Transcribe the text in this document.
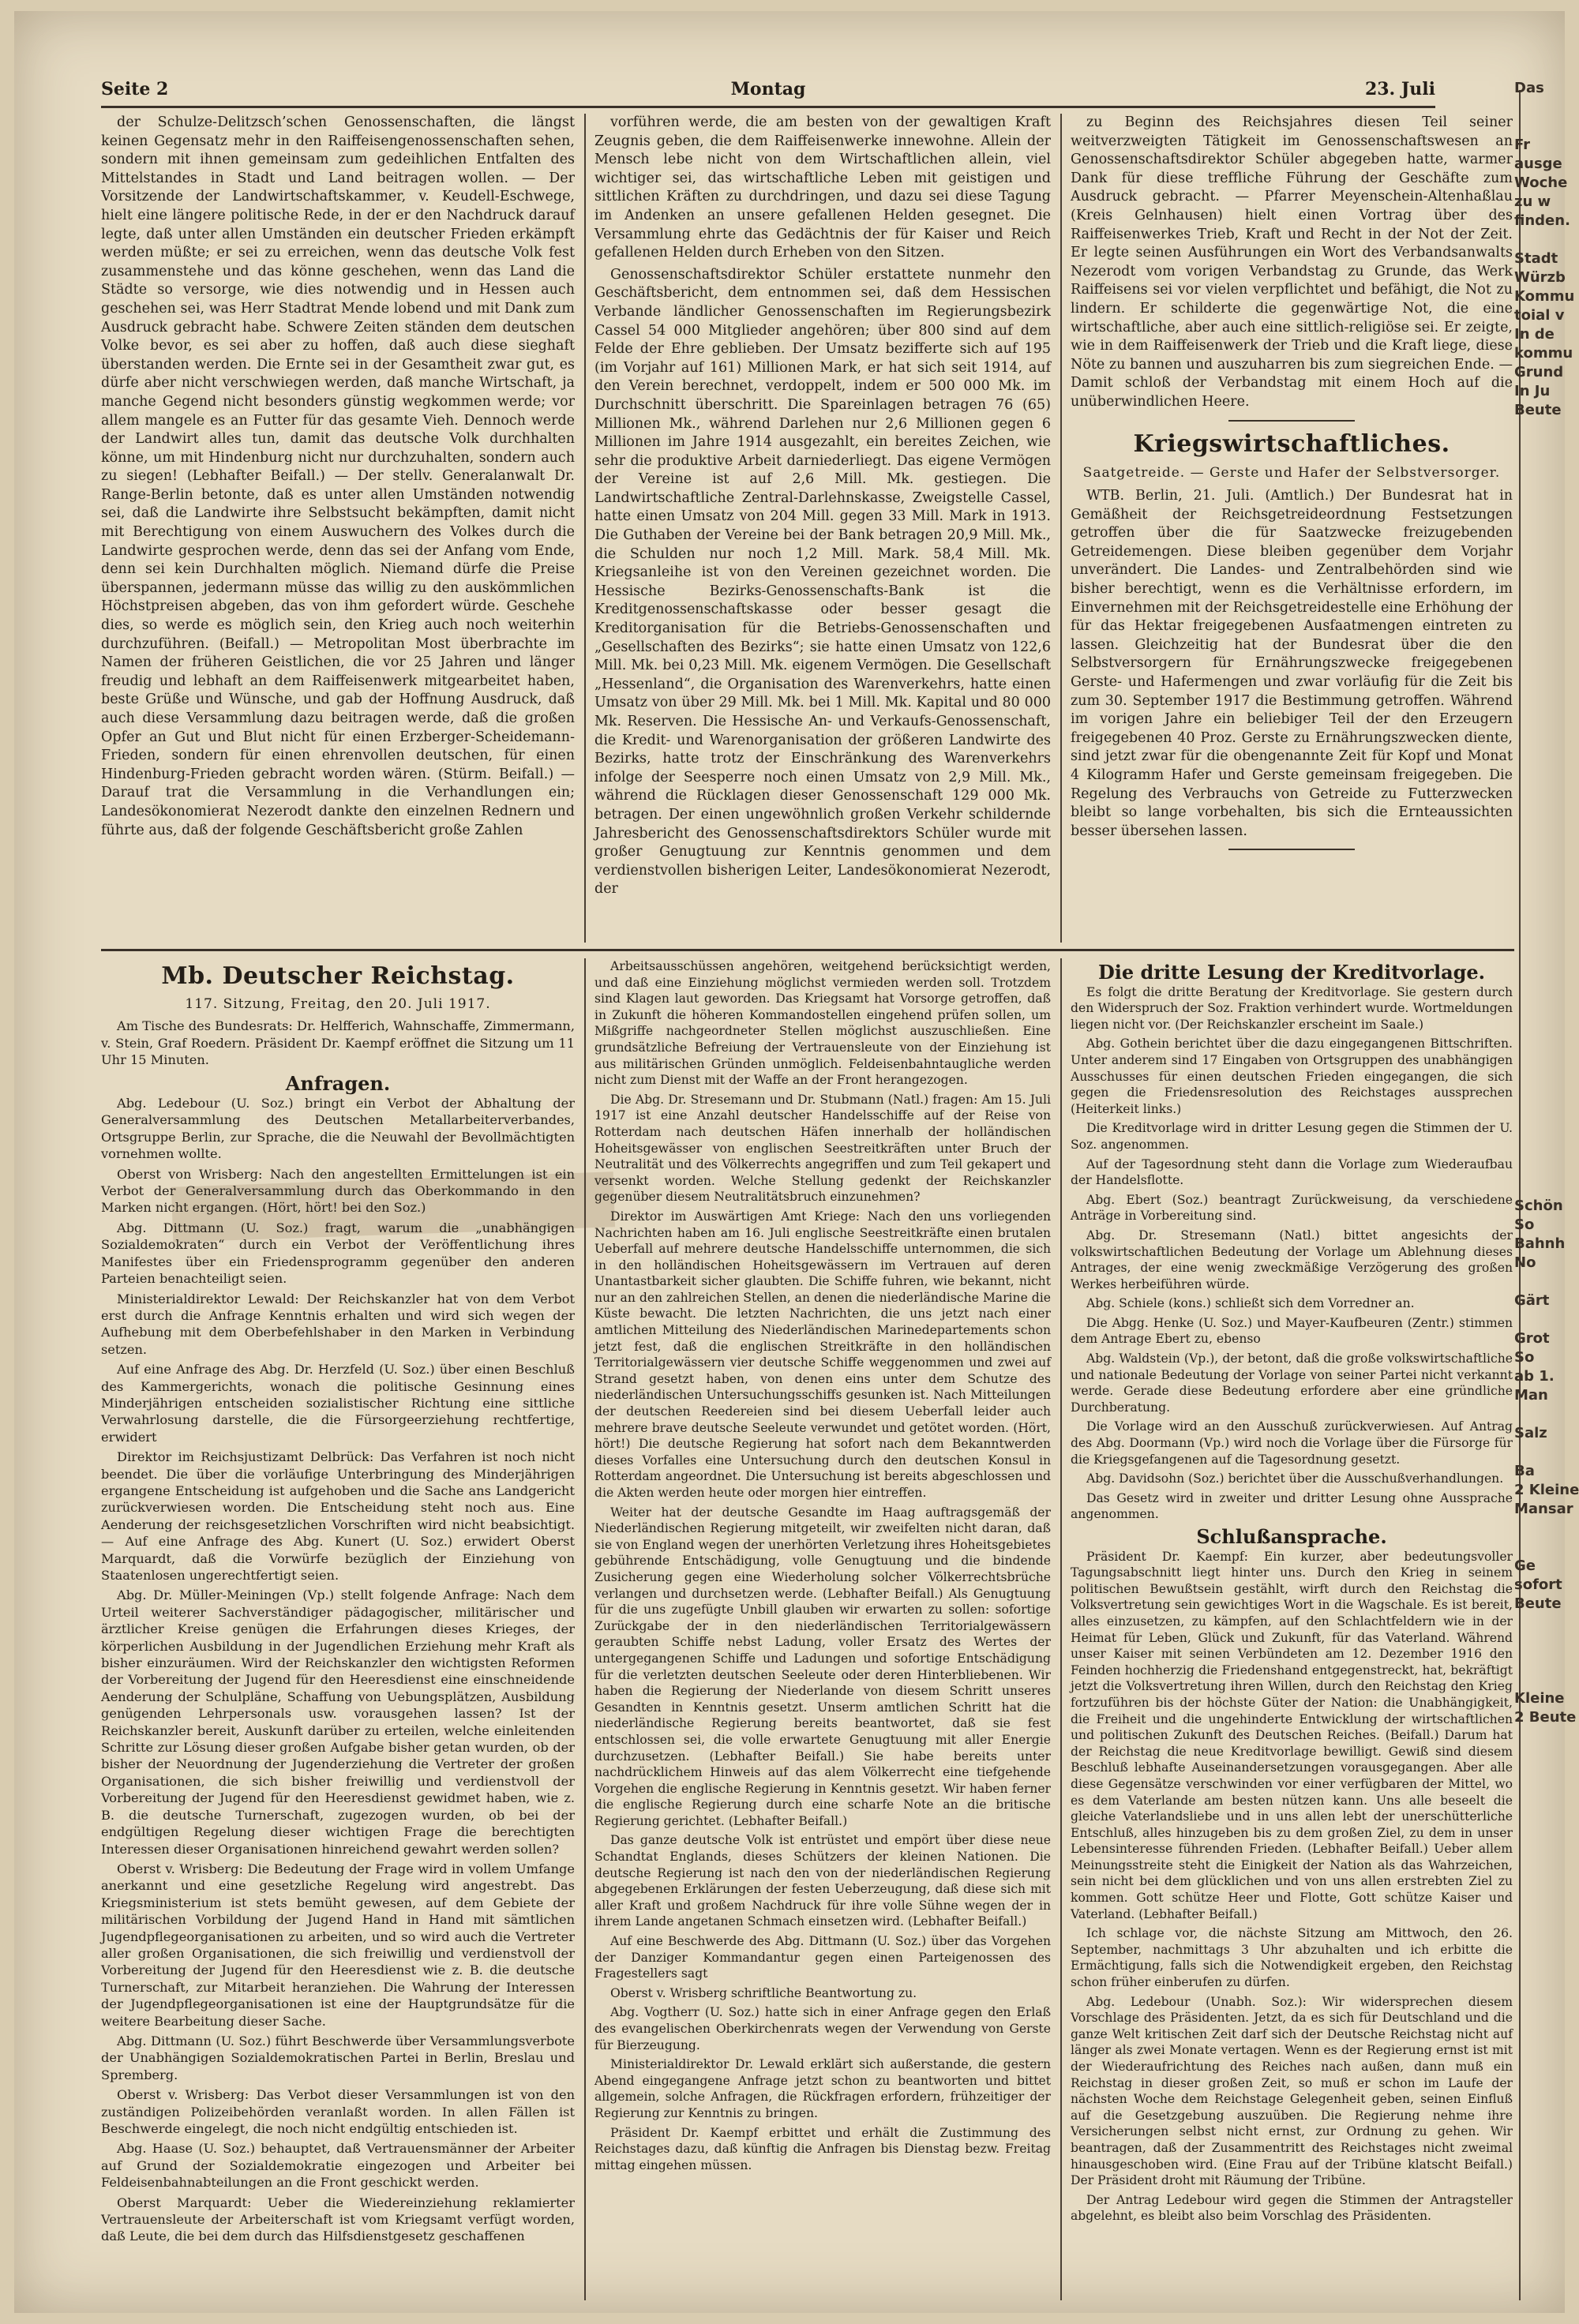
Seite 2	Montag	23. Juli

der Schulze-Delitzsch’schen Genossenschaften, die längst keinen Gegensatz mehr in den Raiffeisengenossenschaften sehen, sondern mit ihnen gemeinsam zum gedeihlichen Entfalten des Mittelstandes in Stadt und Land beitragen wollen. — Der Vorsitzende der Landwirtschaftskammer, v. Keudell-Eschwege, hielt eine längere politische Rede, in der er den Nachdruck darauf legte, daß unter allen Umständen ein deutscher Frieden erkämpft werden müßte; er sei zu erreichen, wenn das deutsche Volk fest zusammenstehe und das könne geschehen, wenn das Land die Städte so versorge, wie dies notwendig und in Hessen auch geschehen sei, was Herr Stadtrat Mende lobend und mit Dank zum Ausdruck gebracht habe. Schwere Zeiten ständen dem deutschen Volke bevor, es sei aber zu hoffen, daß auch diese sieghaft überstanden werden. Die Ernte sei in der Gesamtheit zwar gut, es dürfe aber nicht verschwiegen werden, daß manche Wirtschaft, ja manche Gegend nicht besonders günstig wegkommen werde; vor allem mangele es an Futter für das gesamte Vieh. Dennoch werde der Landwirt alles tun, damit das deutsche Volk durchhalten könne, um mit Hindenburg nicht nur durchzuhalten, sondern auch zu siegen! (Lebhafter Beifall.) — Der stellv. Generalanwalt Dr. Range-Berlin betonte, daß es unter allen Umständen notwendig sei, daß die Landwirte ihre Selbstsucht bekämpften, damit nicht mit Berechtigung von einem Auswuchern des Volkes durch die Landwirte gesprochen werde, denn das sei der Anfang vom Ende, denn sei kein Durchhalten möglich. Niemand dürfe die Preise überspannen, jedermann müsse das willig zu den auskömmlichen Höchstpreisen abgeben, das von ihm gefordert würde. Geschehe dies, so werde es möglich sein, den Krieg auch noch weiterhin durchzuführen. (Beifall.) — Metropolitan Most überbrachte im Namen der früheren Geistlichen, die vor 25 Jahren und länger freudig und lebhaft an dem Raiffeisenwerk mitgearbeitet haben, beste Grüße und Wünsche, und gab der Hoffnung Ausdruck, daß auch diese Versammlung dazu beitragen werde, daß die großen Opfer an Gut und Blut nicht für einen Erzberger-Scheidemann-Frieden, sondern für einen ehrenvollen deutschen, für einen Hindenburg-Frieden gebracht worden wären. (Stürm. Beifall.) — Darauf trat die Versammlung in die Verhandlungen ein; Landesökonomierat Nezerodt dankte den einzelnen Rednern und führte aus, daß der folgende Geschäftsbericht große Zahlen

vorführen werde, die am besten von der gewaltigen Kraft Zeugnis geben, die dem Raiffeisenwerke innewohne. Allein der Mensch lebe nicht von dem Wirtschaftlichen allein, viel wichtiger sei, das wirtschaftliche Leben mit geistigen und sittlichen Kräften zu durchdringen, und dazu sei diese Tagung im Andenken an unsere gefallenen Helden gesegnet. Die Versammlung ehrte das Gedächtnis der für Kaiser und Reich gefallenen Helden durch Erheben von den Sitzen.

Genossenschaftsdirektor Schüler erstattete nunmehr den Geschäftsbericht, dem entnommen sei, daß dem Hessischen Verbande ländlicher Genossenschaften im Regierungsbezirk Cassel 54 000 Mitglieder angehören; über 800 sind auf dem Felde der Ehre geblieben. Der Umsatz bezifferte sich auf 195 (im Vorjahr auf 161) Millionen Mark, er hat sich seit 1914, auf den Verein berechnet, verdoppelt, indem er 500 000 Mk. im Durchschnitt überschritt. Die Spareinlagen betragen 76 (65) Millionen Mk., während Darlehen nur 2,6 Millionen gegen 6 Millionen im Jahre 1914 ausgezahlt, ein bereites Zeichen, wie sehr die produktive Arbeit darniederliegt. Das eigene Vermögen der Vereine ist auf 2,6 Mill. Mk. gestiegen. Die Landwirtschaftliche Zentral-Darlehnskasse, Zweigstelle Cassel, hatte einen Umsatz von 204 Mill. gegen 33 Mill. Mark in 1913. Die Guthaben der Vereine bei der Bank betragen 20,9 Mill. Mk., die Schulden nur noch 1,2 Mill. Mark. 58,4 Mill. Mk. Kriegsanleihe ist von den Vereinen gezeichnet worden. Die Hessische Bezirks-Genossenschafts-Bank ist die Kreditgenossenschaftskasse oder besser gesagt die Kreditorganisation für die Betriebs-Genossenschaften und „Gesellschaften des Bezirks“; sie hatte einen Umsatz von 122,6 Mill. Mk. bei 0,23 Mill. Mk. eigenem Vermögen. Die Gesellschaft „Hessenland“, die Organisation des Warenverkehrs, hatte einen Umsatz von über 29 Mill. Mk. bei 1 Mill. Mk. Kapital und 80 000 Mk. Reserven. Die Hessische An- und Verkaufs-Genossenschaft, die Kredit- und Warenorganisation der größeren Landwirte des Bezirks, hatte trotz der Einschränkung des Warenverkehrs infolge der Seesperre noch einen Umsatz von 2,9 Mill. Mk., während die Rücklagen dieser Genossenschaft 129 000 Mk. betragen. Der einen ungewöhnlich großen Verkehr schildernde Jahresbericht des Genossenschaftsdirektors Schüler wurde mit großer Genugtuung zur Kenntnis genommen und dem verdienstvollen bisherigen Leiter, Landesökonomierat Nezerodt, der

zu Beginn des Reichsjahres diesen Teil seiner weitverzweigten Tätigkeit im Genossenschaftswesen an Genossenschaftsdirektor Schüler abgegeben hatte, warmer Dank für diese treffliche Führung der Geschäfte zum Ausdruck gebracht. — Pfarrer Meyenschein-Altenhaßlau (Kreis Gelnhausen) hielt einen Vortrag über des Raiffeisenwerkes Trieb, Kraft und Recht in der Not der Zeit. Er legte seinen Ausführungen ein Wort des Verbandsanwalts Nezerodt vom vorigen Verbandstag zu Grunde, das Werk Raiffeisens sei vor vielen verpflichtet und befähigt, die Not zu lindern. Er schilderte die gegenwärtige Not, die eine wirtschaftliche, aber auch eine sittlich-religiöse sei. Er zeigte, wie in dem Raiffeisenwerk der Trieb und die Kraft liege, diese Nöte zu bannen und auszuharren bis zum siegreichen Ende. — Damit schloß der Verbandstag mit einem Hoch auf die unüberwindlichen Heere.

Kriegswirtschaftliches.
Saatgetreide. — Gerste und Hafer der Selbstversorger.

WTB. Berlin, 21. Juli. (Amtlich.) Der Bundesrat hat in Gemäßheit der Reichsgetreideordnung Festsetzungen getroffen über die für Saatzwecke freizugebenden Getreidemengen. Diese bleiben gegenüber dem Vorjahr unverändert. Die Landes- und Zentralbehörden sind wie bisher berechtigt, wenn es die Verhältnisse erfordern, im Einvernehmen mit der Reichsgetreidestelle eine Erhöhung der für das Hektar freigegebenen Ausfaatmengen eintreten zu lassen. Gleichzeitig hat der Bundesrat über die den Selbstversorgern für Ernährungszwecke freigegebenen Gerste- und Hafermengen und zwar vorläufig für die Zeit bis zum 30. September 1917 die Bestimmung getroffen. Während im vorigen Jahre ein beliebiger Teil der den Erzeugern freigegebenen 40 Proz. Gerste zu Ernährungszwecken diente, sind jetzt zwar für die obengenannte Zeit für Kopf und Monat 4 Kilogramm Hafer und Gerste gemeinsam freigegeben. Die Regelung des Verbrauchs von Getreide zu Futterzwecken bleibt so lange vorbehalten, bis sich die Ernteaussichten besser übersehen lassen.

Mb. Deutscher Reichstag.
117. Sitzung, Freitag, den 20. Juli 1917.

Am Tische des Bundesrats: Dr. Helfferich, Wahnschaffe, Zimmermann, v. Stein, Graf Roedern. Präsident Dr. Kaempf eröffnet die Sitzung um 11 Uhr 15 Minuten.

Anfragen.

Abg. Ledebour (U. Soz.) bringt ein Verbot der Abhaltung der Generalversammlung des Deutschen Metallarbeiterverbandes, Ortsgruppe Berlin, zur Sprache, die die Neuwahl der Bevollmächtigten vornehmen wollte.

Oberst von Wrisberg: Nach den angestellten Ermittelungen ist ein Verbot der Generalversammlung durch das Oberkommando in den Marken nicht ergangen. (Hört, hört! bei den Soz.)

Abg. Dittmann (U. Soz.) fragt, warum die „unabhängigen Sozialdemokraten“ durch ein Verbot der Veröffentlichung ihres Manifestes über ein Friedensprogramm gegenüber den anderen Parteien benachteiligt seien.

Ministerialdirektor Lewald: Der Reichskanzler hat von dem Verbot erst durch die Anfrage Kenntnis erhalten und wird sich wegen der Aufhebung mit dem Oberbefehlshaber in den Marken in Verbindung setzen.

Auf eine Anfrage des Abg. Dr. Herzfeld (U. Soz.) über einen Beschluß des Kammergerichts, wonach die politische Gesinnung eines Minderjährigen entscheiden sozialistischer Richtung eine sittliche Verwahrlosung darstelle, die die Fürsorgeerziehung rechtfertige, erwidert

Direktor im Reichsjustizamt Delbrück: Das Verfahren ist noch nicht beendet. Die über die vorläufige Unterbringung des Minderjährigen ergangene Entscheidung ist aufgehoben und die Sache ans Landgericht zurückverwiesen worden. Die Entscheidung steht noch aus. Eine Aenderung der reichsgesetzlichen Vorschriften wird nicht beabsichtigt. — Auf eine Anfrage des Abg. Kunert (U. Soz.) erwidert Oberst Marquardt, daß die Vorwürfe bezüglich der Einziehung von Staatenlosen ungerechtfertigt seien.

Abg. Dr. Müller-Meiningen (Vp.) stellt folgende Anfrage: Nach dem Urteil weiterer Sachverständiger pädagogischer, militärischer und ärztlicher Kreise genügen die Erfahrungen dieses Krieges, der körperlichen Ausbildung in der Jugendlichen Erziehung mehr Kraft als bisher einzuräumen. Wird der Reichskanzler den wichtigsten Reformen der Vorbereitung der Jugend für den Heeresdienst eine einschneidende Aenderung der Schulpläne, Schaffung von Uebungsplätzen, Ausbildung genügenden Lehrpersonals usw. vorausgehen lassen? Ist der Reichskanzler bereit, Auskunft darüber zu erteilen, welche einleitenden Schritte zur Lösung dieser großen Aufgabe bisher getan wurden, ob der bisher der Neuordnung der Jugenderziehung die Vertreter der großen Organisationen, die sich bisher freiwillig und verdienstvoll der Vorbereitung der Jugend für den Heeresdienst gewidmet haben, wie z. B. die deutsche Turnerschaft, zugezogen wurden, ob bei der endgültigen Regelung dieser wichtigen Frage die berechtigten Interessen dieser Organisationen hinreichend gewahrt werden sollen?

Oberst v. Wrisberg: Die Bedeutung der Frage wird in vollem Umfange anerkannt und eine gesetzliche Regelung wird angestrebt. Das Kriegsministerium ist stets bemüht gewesen, auf dem Gebiete der militärischen Vorbildung der Jugend Hand in Hand mit sämtlichen Jugendpflegeorganisationen zu arbeiten, und so wird auch die Vertreter aller großen Organisationen, die sich freiwillig und verdienstvoll der Vorbereitung der Jugend für den Heeresdienst wie z. B. die deutsche Turnerschaft, zur Mitarbeit heranziehen. Die Wahrung der Interessen der Jugendpflegeorganisationen ist eine der Hauptgrundsätze für die weitere Bearbeitung dieser Sache.

Abg. Dittmann (U. Soz.) führt Beschwerde über Versammlungsverbote der Unabhängigen Sozialdemokratischen Partei in Berlin, Breslau und Spremberg.

Oberst v. Wrisberg: Das Verbot dieser Versammlungen ist von den zuständigen Polizeibehörden veranlaßt worden. In allen Fällen ist Beschwerde eingelegt, die noch nicht endgültig entschieden ist.

Abg. Haase (U. Soz.) behauptet, daß Vertrauensmänner der Arbeiter auf Grund der Sozialdemokratie eingezogen und Arbeiter bei Feldeisenbahnabteilungen an die Front geschickt werden.

Oberst Marquardt: Ueber die Wiedereinziehung reklamierter Vertrauensleute der Arbeiterschaft ist vom Kriegsamt verfügt worden, daß Leute, die bei dem durch das Hilfsdienstgesetz geschaffenen

Arbeitsausschüssen angehören, weitgehend berücksichtigt werden, und daß eine Einziehung möglichst vermieden werden soll. Trotzdem sind Klagen laut geworden. Das Kriegsamt hat Vorsorge getroffen, daß in Zukunft die höheren Kommandostellen eingehend prüfen sollen, um Mißgriffe nachgeordneter Stellen möglichst auszuschließen. Eine grundsätzliche Befreiung der Vertrauensleute von der Einziehung ist aus militärischen Gründen unmöglich. Feldeisenbahntaugliche werden nicht zum Dienst mit der Waffe an der Front herangezogen.

Die Abg. Dr. Stresemann und Dr. Stubmann (Natl.) fragen: Am 15. Juli 1917 ist eine Anzahl deutscher Handelsschiffe auf der Reise von Rotterdam nach deutschen Häfen innerhalb der holländischen Hoheitsgewässer von englischen Seestreitkräften unter Bruch der Neutralität und des Völkerrechts angegriffen und zum Teil gekapert und versenkt worden. Welche Stellung gedenkt der Reichskanzler gegenüber diesem Neutralitätsbruch einzunehmen?

Direktor im Auswärtigen Amt Kriege: Nach den uns vorliegenden Nachrichten haben am 16. Juli englische Seestreitkräfte einen brutalen Ueberfall auf mehrere deutsche Handelsschiffe unternommen, die sich in den holländischen Hoheitsgewässern im Vertrauen auf deren Unantastbarkeit sicher glaubten. Die Schiffe fuhren, wie bekannt, nicht nur an den zahlreichen Stellen, an denen die niederländische Marine die Küste bewacht. Die letzten Nachrichten, die uns jetzt nach einer amtlichen Mitteilung des Niederländischen Marinedepartements schon jetzt fest, daß die englischen Streitkräfte in den holländischen Territorialgewässern vier deutsche Schiffe weggenommen und zwei auf Strand gesetzt haben, von denen eins unter dem Schutze des niederländischen Untersuchungsschiffs gesunken ist. Nach Mitteilungen der deutschen Reedereien sind bei diesem Ueberfall leider auch mehrere brave deutsche Seeleute verwundet und getötet worden. (Hört, hört!) Die deutsche Regierung hat sofort nach dem Bekanntwerden dieses Vorfalles eine Untersuchung durch den deutschen Konsul in Rotterdam angeordnet. Die Untersuchung ist bereits abgeschlossen und die Akten werden heute oder morgen hier eintreffen.

Weiter hat der deutsche Gesandte im Haag auftragsgemäß der Niederländischen Regierung mitgeteilt, wir zweifelten nicht daran, daß sie von England wegen der unerhörten Verletzung ihres Hoheitsgebietes gebührende Entschädigung, volle Genugtuung und die bindende Zusicherung gegen eine Wiederholung solcher Völkerrechtsbrüche verlangen und durchsetzen werde. (Lebhafter Beifall.) Als Genugtuung für die uns zugefügte Unbill glauben wir erwarten zu sollen: sofortige Zurückgabe der in den niederländischen Territorialgewässern geraubten Schiffe nebst Ladung, voller Ersatz des Wertes der untergegangenen Schiffe und Ladungen und sofortige Entschädigung für die verletzten deutschen Seeleute oder deren Hinterbliebenen. Wir haben die Regierung der Niederlande von diesem Schritt unseres Gesandten in Kenntnis gesetzt. Unserm amtlichen Schritt hat die niederländische Regierung bereits beantwortet, daß sie fest entschlossen sei, die volle erwartete Genugtuung mit aller Energie durchzusetzen. (Lebhafter Beifall.) Sie habe bereits unter nachdrücklichem Hinweis auf das alem Völkerrecht eine tiefgehende Vorgehen die englische Regierung in Kenntnis gesetzt. Wir haben ferner die englische Regierung durch eine scharfe Note an die britische Regierung gerichtet. (Lebhafter Beifall.)

Das ganze deutsche Volk ist entrüstet und empört über diese neue Schandtat Englands, dieses Schützers der kleinen Nationen. Die deutsche Regierung ist nach den von der niederländischen Regierung abgegebenen Erklärungen der festen Ueberzeugung, daß diese sich mit aller Kraft und großem Nachdruck für ihre volle Sühne wegen der in ihrem Lande angetanen Schmach einsetzen wird. (Lebhafter Beifall.)

Auf eine Beschwerde des Abg. Dittmann (U. Soz.) über das Vorgehen der Danziger Kommandantur gegen einen Parteigenossen des Fragestellers sagt

Oberst v. Wrisberg schriftliche Beantwortung zu.

Abg. Vogtherr (U. Soz.) hatte sich in einer Anfrage gegen den Erlaß des evangelischen Oberkirchenrats wegen der Verwendung von Gerste für Bierzeugung.

Ministerialdirektor Dr. Lewald erklärt sich außerstande, die gestern Abend eingegangene Anfrage jetzt schon zu beantworten und bittet allgemein, solche Anfragen, die Rückfragen erfordern, frühzeitiger der Regierung zur Kenntnis zu bringen.

Präsident Dr. Kaempf erbittet und erhält die Zustimmung des Reichstages dazu, daß künftig die Anfragen bis Dienstag bezw. Freitag mittag eingehen müssen.

Die dritte Lesung der Kreditvorlage.

Es folgt die dritte Beratung der Kreditvorlage. Sie gestern durch den Widerspruch der Soz. Fraktion verhindert wurde. Wortmeldungen liegen nicht vor. (Der Reichskanzler erscheint im Saale.)

Abg. Gothein berichtet über die dazu eingegangenen Bittschriften. Unter anderem sind 17 Eingaben von Ortsgruppen des unabhängigen Ausschusses für einen deutschen Frieden eingegangen, die sich gegen die Friedensresolution des Reichstages aussprechen (Heiterkeit links.)

Die Kreditvorlage wird in dritter Lesung gegen die Stimmen der U. Soz. angenommen.

Auf der Tagesordnung steht dann die Vorlage zum Wiederaufbau der Handelsflotte.

Abg. Ebert (Soz.) beantragt Zurückweisung, da verschiedene Anträge in Vorbereitung sind.

Abg. Dr. Stresemann (Natl.) bittet angesichts der volkswirtschaftlichen Bedeutung der Vorlage um Ablehnung dieses Antrages, der eine wenig zweckmäßige Verzögerung des großen Werkes herbeiführen würde.

Abg. Schiele (kons.) schließt sich dem Vorredner an.

Die Abgg. Henke (U. Soz.) und Mayer-Kaufbeuren (Zentr.) stimmen dem Antrage Ebert zu, ebenso

Abg. Waldstein (Vp.), der betont, daß die große volkswirtschaftliche und nationale Bedeutung der Vorlage von seiner Partei nicht verkannt werde. Gerade diese Bedeutung erfordere aber eine gründliche Durchberatung.

Die Vorlage wird an den Ausschuß zurückverwiesen. Auf Antrag des Abg. Doormann (Vp.) wird noch die Vorlage über die Fürsorge für die Kriegsgefangenen auf die Tagesordnung gesetzt.

Abg. Davidsohn (Soz.) berichtet über die Ausschußverhandlungen.

Das Gesetz wird in zweiter und dritter Lesung ohne Aussprache angenommen.

Schlußansprache.

Präsident Dr. Kaempf: Ein kurzer, aber bedeutungsvoller Tagungsabschnitt liegt hinter uns. Durch den Krieg in seinem politischen Bewußtsein gestählt, wirft durch den Reichstag die Volksvertretung sein gewichtiges Wort in die Wagschale. Es ist bereit, alles einzusetzen, zu kämpfen, auf den Schlachtfeldern wie in der Heimat für Leben, Glück und Zukunft, für das Vaterland. Während unser Kaiser mit seinen Verbündeten am 12. Dezember 1916 den Feinden hochherzig die Friedenshand entgegenstreckt, hat, bekräftigt jetzt die Volksvertretung ihren Willen, durch den Reichstag den Krieg fortzuführen bis der höchste Güter der Nation: die Unabhängigkeit, die Freiheit und die ungehinderte Entwicklung der wirtschaftlichen und politischen Zukunft des Deutschen Reiches. (Beifall.) Darum hat der Reichstag die neue Kreditvorlage bewilligt. Gewiß sind diesem Beschluß lebhafte Auseinandersetzungen vorausgegangen. Aber alle diese Gegensätze verschwinden vor einer verfügbaren der Mittel, wo es dem Vaterlande am besten nützen kann. Uns alle beseelt die gleiche Vaterlandsliebe und in uns allen lebt der unerschütterliche Entschluß, alles hinzugeben bis zu dem großen Ziel, zu dem in unser Lebensinteresse führenden Frieden. (Lebhafter Beifall.) Ueber allem Meinungsstreite steht die Einigkeit der Nation als das Wahrzeichen, sein nicht bei dem glücklichen und von uns allen erstrebten Ziel zu kommen. Gott schütze Heer und Flotte, Gott schütze Kaiser und Vaterland. (Lebhafter Beifall.)

Ich schlage vor, die nächste Sitzung am Mittwoch, den 26. September, nachmittags 3 Uhr abzuhalten und ich erbitte die Ermächtigung, falls sich die Notwendigkeit ergeben, den Reichstag schon früher einberufen zu dürfen.

Abg. Ledebour (Unabh. Soz.): Wir widersprechen diesem Vorschlage des Präsidenten. Jetzt, da es sich für Deutschland und die ganze Welt kritischen Zeit darf sich der Deutsche Reichstag nicht auf länger als zwei Monate vertagen. Wenn es der Regierung ernst ist mit der Wiederaufrichtung des Reiches nach außen, dann muß ein Reichstag in dieser großen Zeit, so muß er schon im Laufe der nächsten Woche dem Reichstage Gelegenheit geben, seinen Einfluß auf die Gesetzgebung auszuüben. Die Regierung nehme ihre Versicherungen selbst nicht ernst, zur Ordnung zu gehen. Wir beantragen, daß der Zusammentritt des Reichstages nicht zweimal hinausgeschoben wird. (Eine Frau auf der Tribüne klatscht Beifall.) Der Präsident droht mit Räumung der Tribüne.

Der Antrag Ledebour wird gegen die Stimmen der Antragsteller abgelehnt, es bleibt also beim Vorschlag des Präsidenten.

Das

Fr
ausge
Woche
zu w
finden.

Stadt
Würzb
Kommu
toial v
In de
kommu
Grund
In Ju
Beute

Schön
So
Bahnh
No

Gärt

Grot
So
ab 1.
Man

Salz

Ba
2 Kleine
Mansar

Ge
sofort
Beute

Kleine
2 Beute
